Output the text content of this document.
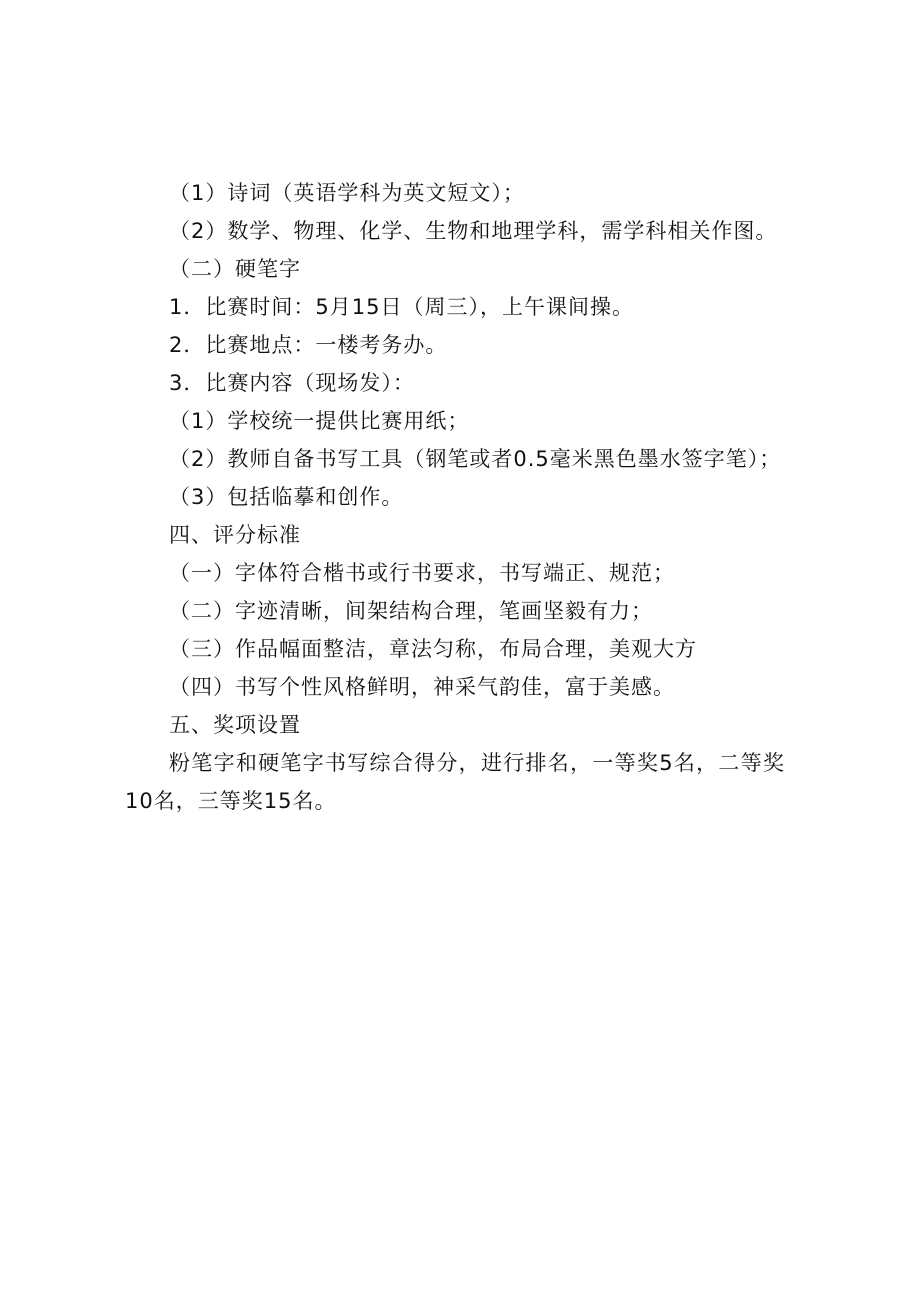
（1）诗词（英语学科为英文短文）；
（2）数学、物理、化学、生物和地理学科，需学科相关作图。
（二）硬笔字
1．比赛时间：5月15日（周三），上午课间操。
2．比赛地点：一楼考务办。
3．比赛内容（现场发）：
（1）学校统一提供比赛用纸；
（2）教师自备书写工具（钢笔或者0.5毫米黑色墨水签字笔）；
（3）包括临摹和创作。
四、评分标准
（一）字体符合楷书或行书要求，书写端正、规范；
（二）字迹清晰，间架结构合理，笔画坚毅有力；
（三）作品幅面整洁，章法匀称，布局合理，美观大方
（四）书写个性风格鲜明，神采气韵佳，富于美感。
五、奖项设置
粉笔字和硬笔字书写综合得分，进行排名，一等奖5名，二等奖10名，三等奖15名。
